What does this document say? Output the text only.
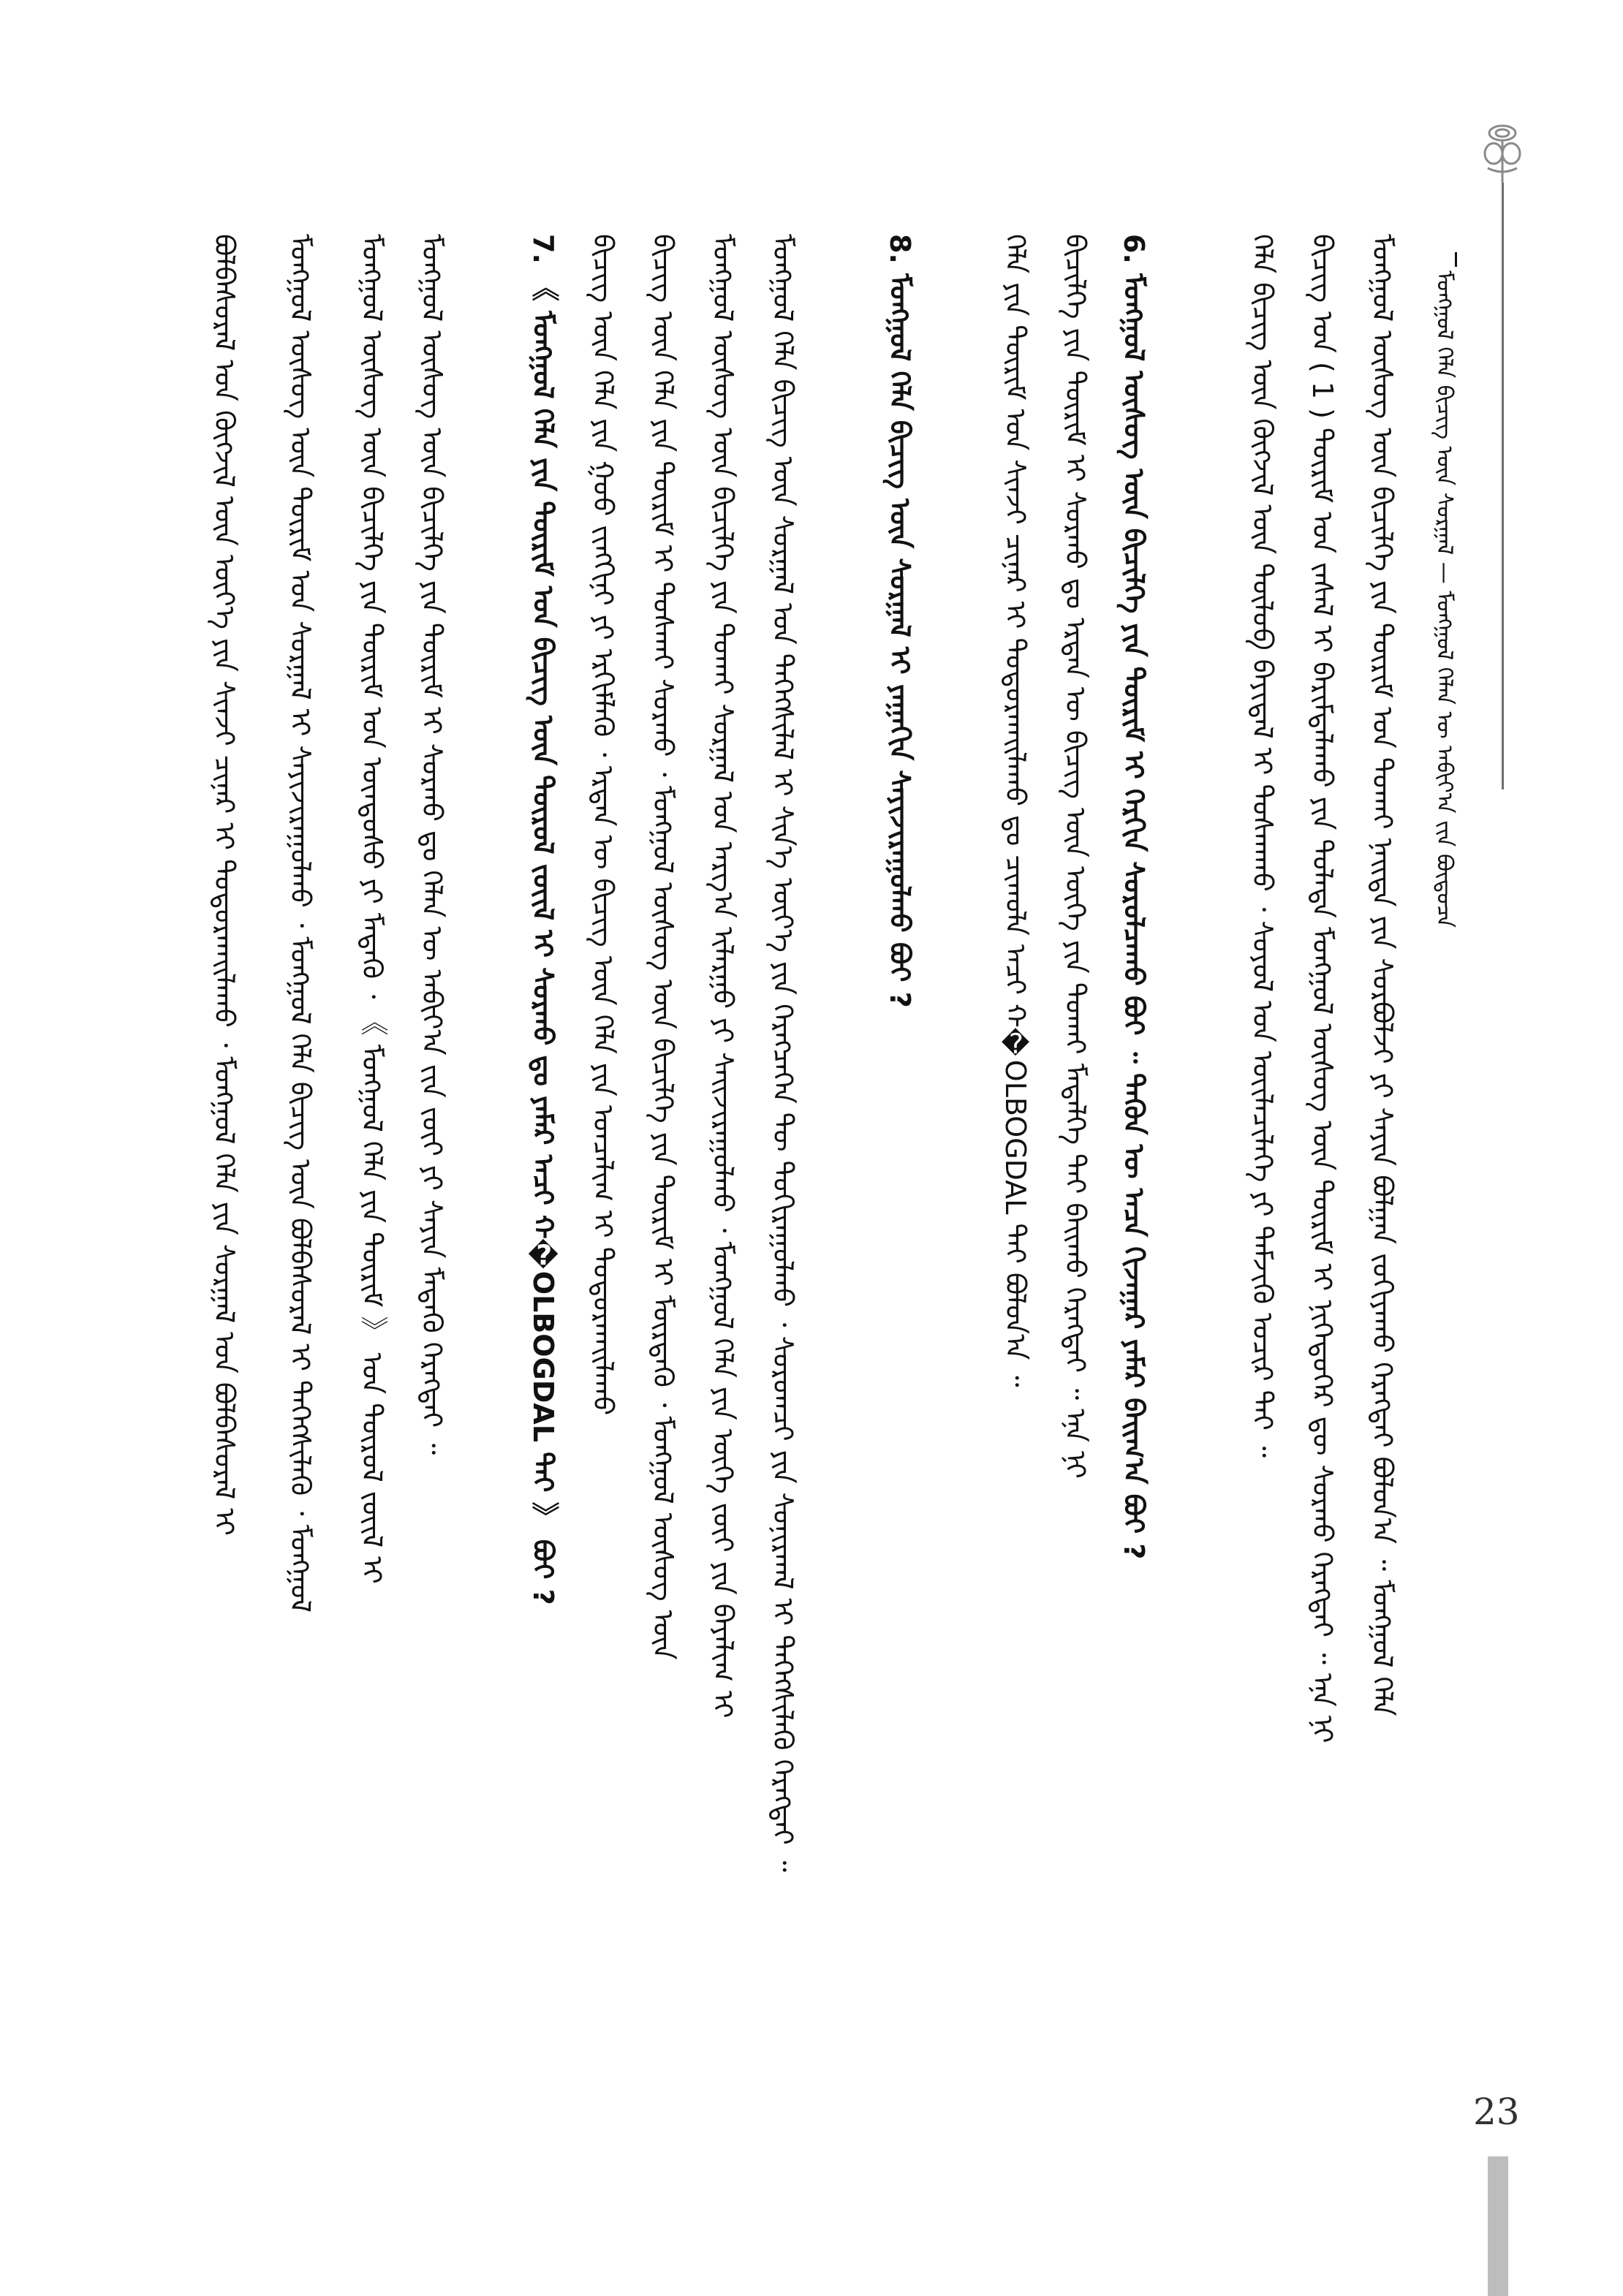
ᠮᠣᠩᠭᠣᠯ ᠬᠡᠯᠡ ᠪᠢᠴᠢᠭ ᠦᠨ ᠰᠤᠷᠭᠠᠯ — ᠮᠣᠩᠭᠣᠯ ᠬᠡᠯᠡᠨ ᠦ ᠠᠪᠢᠶ᠎ᠠ ᠵᠢᠨ ᠪᠦᠲᠦᠴᠡ
ᠮᠣᠩᠭᠣᠯ ᠦᠰᠦᠭ ᠦᠨ ᠪᠢᠴᠢᠯᠭᠡ ᠶᠢᠨ ᠳᠦᠷᠢᠮ ᠤᠨ ᠲᠤᠬᠠᠢ ᠨᠡᠢᠲᠡ ᠶᠢᠨ ᠰᠤᠷᠪᠤᠯᠵᠢ ᠶᠢ ᠰᠠᠶᠢᠨ ᠪᠣᠯᠭᠠᠨ ᠵᠣᠬᠢᠶᠠᠬᠤ ᠬᠡᠷᠡᠭᠲᠡᠢ ᠪᠣᠯᠤᠨ᠎ᠠ ᠃ ᠮᠣᠩᠭᠣᠯ ᠬᠡᠯᠡ
ᠪᠢᠴᠢᠭ ᠤᠨ ( 1 ) ᠳᠦᠷᠢᠮ ᠤᠨ ᠵᠠᠰᠠᠯ ᠢ ᠪᠠᠷᠢᠮᠲᠠᠯᠠᠬᠤ ᠶᠢᠨ ᠲᠤᠯᠠᠳᠠ ᠮᠣᠩᠭᠣᠯ ᠦᠰᠦᠭ ᠦᠨ ᠳᠦᠷᠢᠮ ᠢ ᠨᠢᠭᠡᠳᠦᠭᠡᠷ ᠳᠦ ᠰᠤᠷᠬᠤ ᠬᠡᠷᠡᠭᠲᠡᠢ ᠃ ᠡᠨᠡ ᠨᠢ
ᠬᠡᠯᠡ ᠪᠢᠴᠢᠭ ᠦᠨ ᠬᠥᠭᠵᠢᠯ ᠦᠨ ᠲᠥᠯᠦᠪ ᠪᠠᠶᠢᠳᠠᠯ ᠢ ᠲᠤᠰᠬᠠᠬᠤ ᠂ ᠰᠣᠶᠣᠯ ᠤᠨ ᠦᠢᠯᠡᠴᠢᠯᠡᠭᠡ ᠶᠢ ᠳᠡᠮᠵᠢᠬᠦ ᠤᠴᠢᠷ ᠲᠠᠢ ᠃
6. ᠮᠣᠩᠭᠣᠯ ᠦᠰᠦᠭ ᠦᠨ ᠪᠢᠴᠢᠯᠭᠡ ᠶᠢᠨ ᠳᠦᠷᠢᠮ ᠢ ᠬᠡᠷᠬᠢᠨ ᠰᠤᠷᠤᠯᠴᠠᠬᠤ ᠪᠤᠢ ᠃ ᠲᠡᠭᠦᠨ ᠦ ᠠᠴᠠ ᠬᠢᠵᠠᠭᠠᠷ ᠶᠠᠮᠠᠷ ᠪᠠᠢᠭ᠎ᠠ ᠪᠤᠢ ?
ᠪᠢᠴᠢᠯᠭᠡ ᠶᠢᠨ ᠳᠦᠷᠢᠮ ᠢ ᠰᠤᠷᠬᠤ ᠳᠤ ᠡᠷᠲᠡᠨ ᠦ ᠪᠢᠴᠢᠭ ᠦᠨ ᠦᠭᠡ ᠶᠢᠨ ᠲᠤᠬᠠᠢ ᠮᠡᠳᠡᠯᠭᠡ ᠲᠠᠢ ᠪᠠᠢᠬᠤ ᠬᠡᠷᠡᠭᠲᠡᠢ ᠃ ᠡᠨᠡ ᠨᠢ
ᠬᠡᠯᠡ ᠶᠢᠨ ᠳᠦᠷᠢᠮ ᠤᠨ ᠰᠢᠨᠵᠢ ᠴᠢᠨᠠᠷ ᠢ ᠲᠣᠳᠣᠷᠬᠠᠢᠯᠠᠬᠤ ᠳᠤ ᠴᠢᠬᠤᠯᠠ ᠠᠴᠢ ᠬ�OLBOGDAL ᠲᠠᠢ ᠪᠣᠯᠤᠨ᠎ᠠ ᠃
8. ᠮᠣᠩᠭᠣᠯ ᠬᠡᠯᠡ ᠪᠢᠴᠢᠭ ᠦᠨ ᠰᠤᠷᠭᠠᠯ ᠢ ᠶᠠᠭᠠᠬᠢᠨ ᠰᠠᠶᠢᠵᠢᠷᠠᠭᠤᠯᠬᠤ ᠪᠤᠢ ?
ᠮᠣᠩᠭᠣᠯ ᠬᠡᠯᠡ ᠪᠢᠴᠢᠭ ᠦᠨ ᠰᠤᠷᠭᠠᠯ ᠤᠨ ᠳᠡᠭᠡᠭᠰᠢᠯᠡᠯ ᠢ ᠰᠢᠨ᠎ᠡ ᠦᠶ᠎ᠡ ᠶᠢᠨ ᠬᠡᠷᠡᠭᠴᠡᠭᠡᠨ ᠲᠦ ᠲᠣᠬᠢᠷᠠᠭᠤᠯᠬᠤ ᠂ ᠰᠤᠷᠤᠭᠴᠢ ᠶᠢᠨ ᠰᠣᠨᠢᠷᠬᠠᠯ ᠢ ᠳᠡᠭᠡᠭᠰᠢᠯᠡᠬᠦ ᠬᠡᠷᠡᠭᠲᠡᠢ ᠃
ᠮᠣᠩᠭᠣᠯ ᠦᠰᠦᠭ ᠦᠨ ᠪᠢᠴᠢᠯᠭᠡ ᠶᠢᠨ ᠲᠤᠬᠠᠢ ᠰᠤᠷᠭᠠᠯ ᠤᠨ ᠠᠷᠭ᠎ᠠ ᠢᠯᠠᠷᠭᠤ ᠶᠢ ᠰᠠᠢᠵᠢᠷᠠᠭᠤᠯᠬᠤ ᠂ ᠮᠣᠩᠭᠣᠯ ᠬᠡᠯᠡ ᠶᠢᠨ ᠦᠭᠡ ᠵᠦᠢ ᠶᠢᠨ ᠪᠠᠶᠠᠯᠢᠭ ᠢ
ᠪᠢᠴᠢᠭ ᠦᠨ ᠬᠡᠯᠡ ᠶᠢᠨ ᠳᠦᠷᠢᠮ ᠢ ᠲᠤᠰᠬᠠᠢ ᠰᠤᠷᠬᠤ ᠂ ᠮᠣᠩᠭᠣᠯ ᠦᠰᠦᠭ ᠦᠨ ᠪᠢᠴᠢᠯᠭᠡ ᠶᠢᠨ ᠳᠦᠷᠢᠮ ᠢ ᠮᠥᠷᠳᠡᠬᠦ ᠂ ᠮᠣᠩᠭᠣᠯ ᠦᠰᠦᠭ ᠦᠨ
ᠪᠢᠴᠢᠭ ᠦᠨ ᠬᠡᠯᠡ ᠶᠢᠨ ᠭᠣᠣ ᠵᠢᠩᠬᠢᠨᠢ ᠶᠢ ᠡᠷᠬᠢᠮᠯᠡᠬᠦ ᠂ ᠡᠷᠲᠡᠨ ᠦ ᠪᠢᠴᠢᠭ ᠦᠨ ᠬᠡᠯᠡ ᠶᠢᠨ ᠣᠨᠴᠠᠯᠢᠭ ᠢ ᠲᠣᠳᠣᠷᠬᠠᠢᠯᠠᠬᠤ
7. 《 ᠮᠣᠩᠭᠣᠯ ᠬᠡᠯᠡ ᠶᠢᠨ ᠳᠦᠷᠢᠮ ᠤᠨ ᠪᠢᠴᠢᠭ ᠦᠨ ᠲᠥᠷᠥᠯ ᠵᠦᠢᠯ ᠢ ᠰᠤᠷᠬᠤ ᠳᠤ ᠶᠠᠮᠠᠷ ᠠᠴᠢ ᠬ�OLBOGDAL ᠲᠠᠢ 》 ᠪᠤᠢ ?
ᠮᠣᠩᠭᠣᠯ ᠦᠰᠦᠭ ᠦᠨ ᠪᠢᠴᠢᠯᠭᠡ ᠶᠢᠨ ᠳᠦᠷᠢᠮ ᠢ ᠰᠤᠷᠬᠤ ᠳᠤ ᠬᠡᠯᠡᠨ ᠦ ᠠᠪᠢᠶ᠎ᠠ ᠵᠢᠨ ᠵᠦᠢ ᠶᠢ ᠰᠠᠶᠢᠨ ᠮᠡᠳᠡᠬᠦ ᠬᠡᠷᠡᠭᠲᠡᠢ ᠃
ᠮᠣᠩᠭᠣᠯ ᠦᠰᠦᠭ ᠦᠨ ᠪᠢᠴᠢᠯᠭᠡ ᠶᠢᠨ ᠳᠦᠷᠢᠮ ᠤᠨ ᠦᠨᠳᠦᠰᠦ ᠶᠢ ᠮᠡᠳᠡᠬᠦ ᠂ 《 ᠮᠣᠩᠭᠣᠯ ᠬᠡᠯᠡ ᠶᠢᠨ ᠳᠦᠷᠢᠮ 》 ᠤᠨ ᠲᠥᠷᠥᠯ ᠵᠦᠢᠯ ᠢ
ᠮᠣᠩᠭᠣᠯ ᠦᠰᠦᠭ ᠦᠨ ᠳᠦᠷᠢᠮ ᠤᠨ ᠰᠤᠷᠭᠠᠯ ᠢ ᠰᠠᠶᠢᠵᠢᠷᠠᠭᠤᠯᠬᠤ ᠂ ᠮᠣᠩᠭᠣᠯ ᠬᠡᠯᠡ ᠪᠢᠴᠢᠭ ᠦᠨ ᠪᠣᠯᠪᠠᠰᠤᠷᠠᠯ ᠢ ᠳᠡᠭᠡᠭᠰᠢᠯᠡᠬᠦ ᠂ ᠮᠣᠩᠭᠣᠯ
ᠪᠣᠯᠪᠠᠰᠤᠷᠠᠯ ᠤᠨ ᠬᠥᠭᠵᠢᠯ ᠦᠨ ᠦᠶ᠎ᠡ ᠶᠢᠨ ᠰᠢᠨᠵᠢ ᠴᠢᠨᠠᠷ ᠢ ᠲᠣᠳᠣᠷᠬᠠᠢᠯᠠᠬᠤ ᠂ ᠮᠣᠩᠭᠣᠯ ᠬᠡᠯᠡ ᠶᠢᠨ ᠰᠤᠷᠭᠠᠯ ᠤᠨ ᠪᠣᠯᠪᠠᠰᠤᠷᠠᠯ ᠢ
23
